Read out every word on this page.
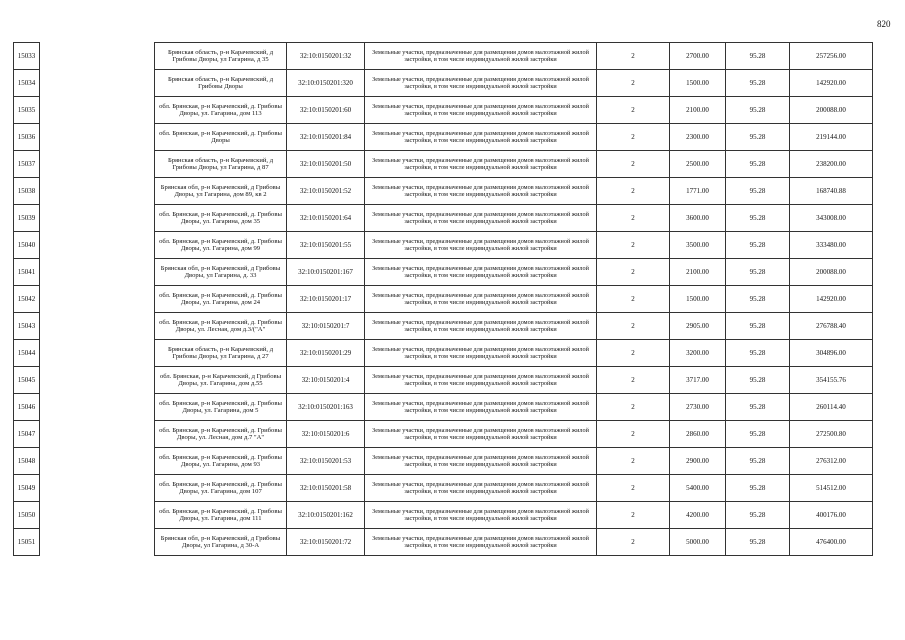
820
15033		Брянская область, р-н Карачевский, д Грибовы Дворы, ул Гагарина, д 35	32:10:0150201:32	Земельные участки, предназначенные для размещения домов малоэтажной жилой застройки, в том числе индивидуальной жилой застройки	2	2700.00	95.28	257256.00
15034		Брянская область, р-н Карачевский, д Грибовы Дворы	32:10:0150201:320	Земельные участки, предназначенные для размещения домов малоэтажной жилой застройки, в том числе индивидуальной жилой застройки	2	1500.00	95.28	142920.00
15035		обл. Брянская, р-н Карачевский, д. Грибовы Дворы, ул. Гагарина, дом 113	32:10:0150201:60	Земельные участки, предназначенные для размещения домов малоэтажной жилой застройки, в том числе индивидуальной жилой застройки	2	2100.00	95.28	200088.00
15036		обл. Брянская, р-н Карачевский, д. Грибовы Дворы	32:10:0150201:84	Земельные участки, предназначенные для размещения домов малоэтажной жилой застройки, в том числе индивидуальной жилой застройки	2	2300.00	95.28	219144.00
15037		Брянская область, р-н Карачевский, д Грибовы Дворы, ул Гагарина, д 87	32:10:0150201:50	Земельные участки, предназначенные для размещения домов малоэтажной жилой застройки, в том числе индивидуальной жилой застройки	2	2500.00	95.28	238200.00
15038		Брянская обл, р-н Карачевский, д Грибовы Дворы, ул Гагарина, дом 89, кв 2	32:10:0150201:52	Земельные участки, предназначенные для размещения домов малоэтажной жилой застройки, в том числе индивидуальной жилой застройки	2	1771.00	95.28	168740.88
15039		обл. Брянская, р-н Карачевский, д. Грибовы Дворы, ул. Гагарина, дом 35	32:10:0150201:64	Земельные участки, предназначенные для размещения домов малоэтажной жилой застройки, в том числе индивидуальной жилой застройки	2	3600.00	95.28	343008.00
15040		обл. Брянская, р-н Карачевский, д. Грибовы Дворы, ул. Гагарина, дом 99	32:10:0150201:55	Земельные участки, предназначенные для размещения домов малоэтажной жилой застройки, в том числе индивидуальной жилой застройки	2	3500.00	95.28	333480.00
15041		Брянская обл, р-н Карачевский, д Грибовы Дворы, ул Гагарина, д. 33	32:10:0150201:167	Земельные участки, предназначенные для размещения домов малоэтажной жилой застройки, в том числе индивидуальной жилой застройки	2	2100.00	95.28	200088.00
15042		обл. Брянская, р-н Карачевский, д. Грибовы Дворы, ул. Гагарина, дом 24	32:10:0150201:17	Земельные участки, предназначенные для размещения домов малоэтажной жилой застройки, в том числе индивидуальной жилой застройки	2	1500.00	95.28	142920.00
15043		обл. Брянская, р-н Карачевский, д. Грибовы Дворы, ул. Лесная, дом д.3/("А"	32:10:0150201:7	Земельные участки, предназначенные для размещения домов малоэтажной жилой застройки, в том числе индивидуальной жилой застройки	2	2905.00	95.28	276788.40
15044		Брянская область, р-н Карачевский, д Грибовы Дворы, ул Гагарина, д 27	32:10:0150201:29	Земельные участки, предназначенные для размещения домов малоэтажной жилой застройки, в том числе индивидуальной жилой застройки	2	3200.00	95.28	304896.00
15045		обл. Брянская, р-н Карачевский, д Грибовы Дворы, ул. Гагарина, дом д.55	32:10:0150201:4	Земельные участки, предназначенные для размещения домов малоэтажной жилой застройки, в том числе индивидуальной жилой застройки	2	3717.00	95.28	354155.76
15046		обл. Брянская, р-н Карачевский, д. Грибовы Дворы, ул. Гагарина, дом 5	32:10:0150201:163	Земельные участки, предназначенные для размещения домов малоэтажной жилой застройки, в том числе индивидуальной жилой застройки	2	2730.00	95.28	260114.40
15047		обл. Брянская, р-н Карачевский, д. Грибовы Дворы, ул. Лесная, дом д.7 "А"	32:10:0150201:6	Земельные участки, предназначенные для размещения домов малоэтажной жилой застройки, в том числе индивидуальной жилой застройки	2	2860.00	95.28	272500.80
15048		обл. Брянская, р-н Карачевский, д. Грибовы Дворы, ул. Гагарина, дом 93	32:10:0150201:53	Земельные участки, предназначенные для размещения домов малоэтажной жилой застройки, в том числе индивидуальной жилой застройки	2	2900.00	95.28	276312.00
15049		обл. Брянская, р-н Карачевский, д. Грибовы Дворы, ул. Гагарина, дом 107	32:10:0150201:58	Земельные участки, предназначенные для размещения домов малоэтажной жилой застройки, в том числе индивидуальной жилой застройки	2	5400.00	95.28	514512.00
15050		обл. Брянская, р-н Карачевский, д. Грибовы Дворы, ул. Гагарина, дом 111	32:10:0150201:162	Земельные участки, предназначенные для размещения домов малоэтажной жилой застройки, в том числе индивидуальной жилой застройки	2	4200.00	95.28	400176.00
15051		Брянская обл, р-н Карачевский, д Грибовы Дворы, ул Гагарина, д 30-А	32:10:0150201:72	Земельные участки, предназначенные для размещения домов малоэтажной жилой застройки, в том числе индивидуальной жилой застройки	2	5000.00	95.28	476400.00
